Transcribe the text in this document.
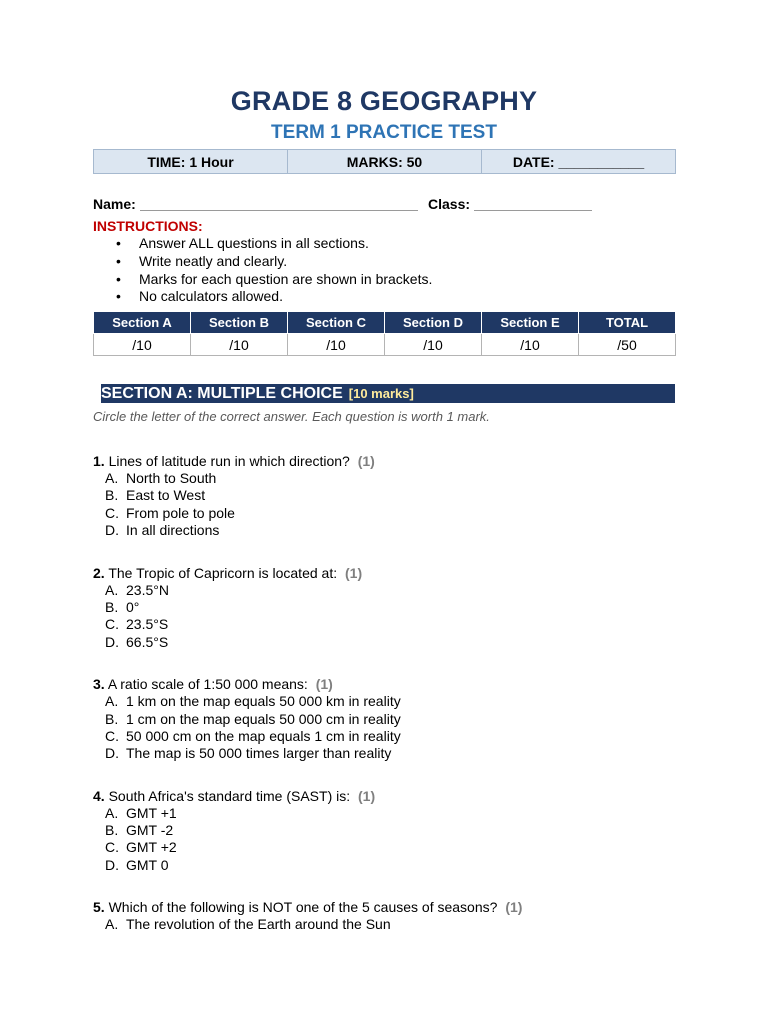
GRADE 8 GEOGRAPHY
TERM 1 PRACTICE TEST
TIME: 1 Hour	MARKS: 50	DATE: ___________
Name:	Class:
INSTRUCTIONS:
• Answer ALL questions in all sections.
• Write neatly and clearly.
• Marks for each question are shown in brackets.
• No calculators allowed.
Section A	Section B	Section C	Section D	Section E	TOTAL
/10	/10	/10	/10	/10	/50
SECTION A: MULTIPLE CHOICE [10 marks]
Circle the letter of the correct answer. Each question is worth 1 mark.
1. Lines of latitude run in which direction? (1)
A. North to South
B. East to West
C. From pole to pole
D. In all directions
2. The Tropic of Capricorn is located at: (1)
A. 23.5°N
B. 0°
C. 23.5°S
D. 66.5°S
3. A ratio scale of 1:50 000 means: (1)
A. 1 km on the map equals 50 000 km in reality
B. 1 cm on the map equals 50 000 cm in reality
C. 50 000 cm on the map equals 1 cm in reality
D. The map is 50 000 times larger than reality
4. South Africa's standard time (SAST) is: (1)
A. GMT +1
B. GMT -2
C. GMT +2
D. GMT 0
5. Which of the following is NOT one of the 5 causes of seasons? (1)
A. The revolution of the Earth around the Sun
